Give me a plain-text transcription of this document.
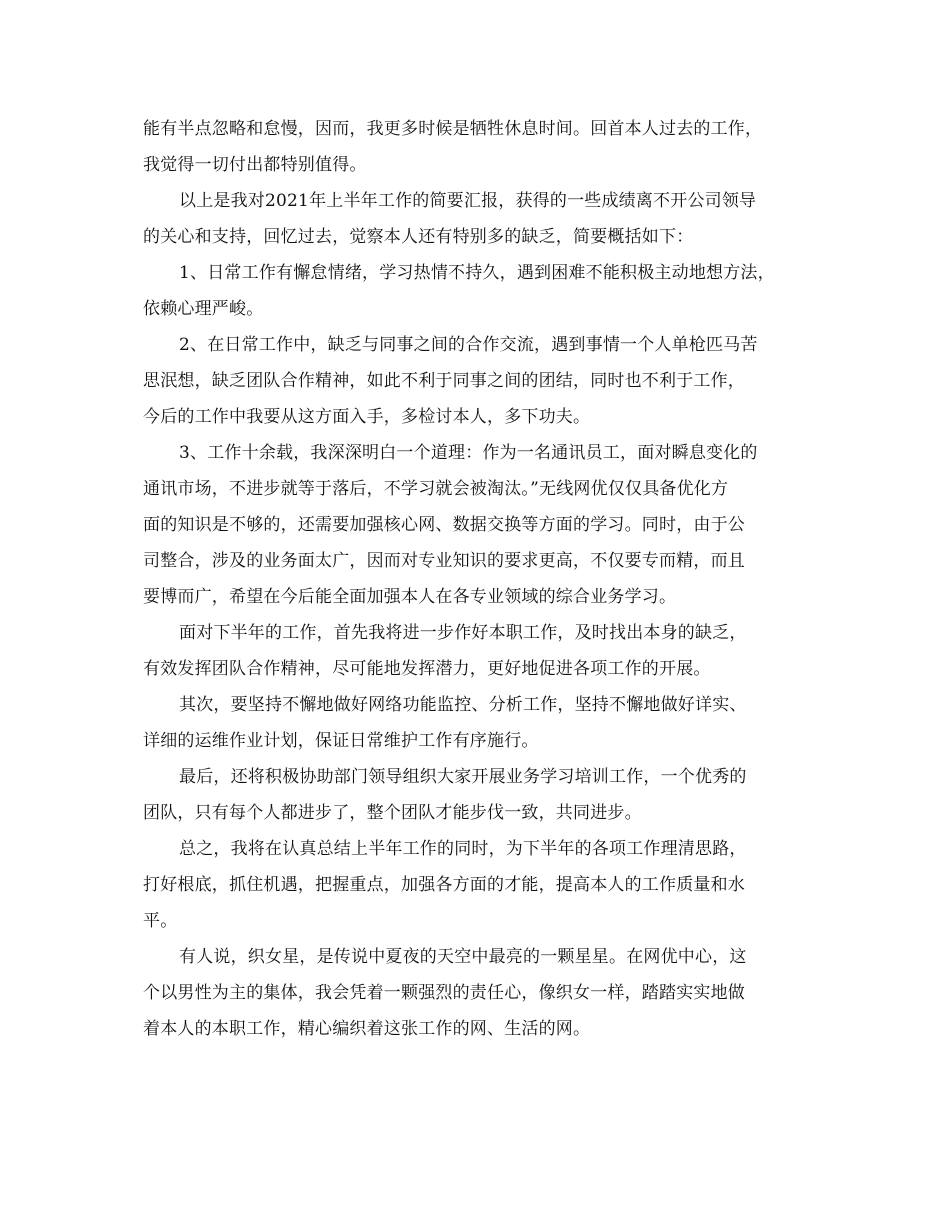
能有半点忽略和怠慢，因而，我更多时候是牺牲休息时间。回首本人过去的工作，
我觉得一切付出都特别值得。
以上是我对2021年上半年工作的简要汇报，获得的一些成绩离不开公司领导
的关心和支持，回忆过去，觉察本人还有特别多的缺乏，简要概括如下：
1、日常工作有懈怠情绪，学习热情不持久，遇到困难不能积极主动地想方法，
依赖心理严峻。
2、在日常工作中，缺乏与同事之间的合作交流，遇到事情一个人单枪匹马苦
思泯想，缺乏团队合作精神，如此不利于同事之间的团结，同时也不利于工作，
今后的工作中我要从这方面入手，多检讨本人，多下功夫。
3、工作十余载，我深深明白一个道理：作为一名通讯员工，面对瞬息变化的
通讯市场，不进步就等于落后，不学习就会被淘汰。”无线网优仅仅具备优化方
面的知识是不够的，还需要加强核心网、数据交换等方面的学习。同时，由于公
司整合，涉及的业务面太广，因而对专业知识的要求更高，不仅要专而精，而且
要博而广，希望在今后能全面加强本人在各专业领域的综合业务学习。
面对下半年的工作，首先我将进一步作好本职工作，及时找出本身的缺乏，
有效发挥团队合作精神，尽可能地发挥潜力，更好地促进各项工作的开展。
其次，要坚持不懈地做好网络功能监控、分析工作，坚持不懈地做好详实、
详细的运维作业计划，保证日常维护工作有序施行。
最后，还将积极协助部门领导组织大家开展业务学习培训工作，一个优秀的
团队，只有每个人都进步了，整个团队才能步伐一致，共同进步。
总之，我将在认真总结上半年工作的同时，为下半年的各项工作理清思路，
打好根底，抓住机遇，把握重点，加强各方面的才能，提高本人的工作质量和水
平。
有人说，织女星，是传说中夏夜的天空中最亮的一颗星星。在网优中心，这
个以男性为主的集体，我会凭着一颗强烈的责任心，像织女一样，踏踏实实地做
着本人的本职工作，精心编织着这张工作的网、生活的网。
